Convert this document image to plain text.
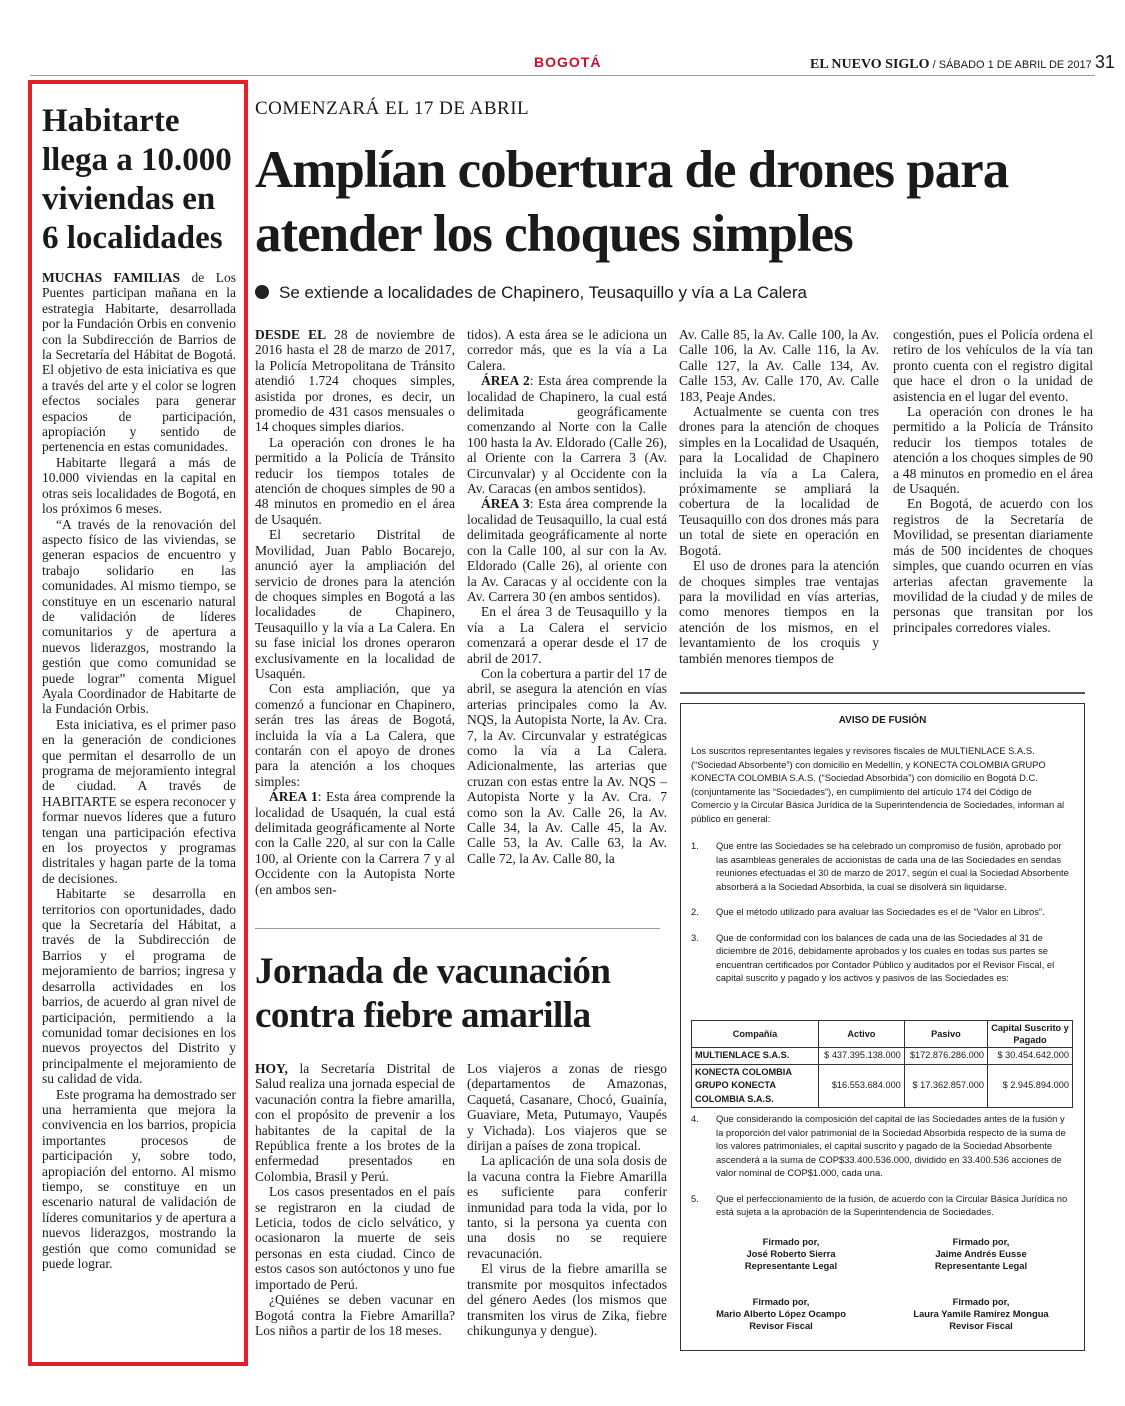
BOGOTÁ	EL NUEVO SIGLO / SÁBADO 1 DE ABRIL DE 2017 31
Habitarte llega a 10.000 viviendas en 6 localidades

MUCHAS FAMILIAS de Los Puentes participan mañana en la estrategia Habitarte, desarrollada por la Fundación Orbis en convenio con la Subdirección de Barrios de la Secretaría del Hábitat de Bogotá. El objetivo de esta iniciativa es que a través del arte y el color se logren efectos sociales para generar espacios de participación, apropiación y sentido de pertenencia en estas comunidades.

Habitarte llegará a más de 10.000 viviendas en la capital en otras seis localidades de Bogotá, en los próximos 6 meses.

“A través de la renovación del aspecto físico de las viviendas, se generan espacios de encuentro y trabajo solidario en las comunidades. Al mismo tiempo, se constituye en un escenario natural de validación de líderes comunitarios y de apertura a nuevos liderazgos, mostrando la gestión que como comunidad se puede lograr” comenta Miguel Ayala Coordinador de Habitarte de la Fundación Orbis.

Esta iniciativa, es el primer paso en la generación de condiciones que permitan el desarrollo de un programa de mejoramiento integral de ciudad. A través de HABITARTE se espera reconocer y formar nuevos líderes que a futuro tengan una participación efectiva en los proyectos y programas distritales y hagan parte de la toma de decisiones.

Habitarte se desarrolla en territorios con oportunidades, dado que la Secretaría del Hábitat, a través de la Subdirección de Barrios y el programa de mejoramiento de barrios; ingresa y desarrolla actividades en los barrios, de acuerdo al gran nivel de participación, permitiendo a la comunidad tomar decisiones en los nuevos proyectos del Distrito y principalmente el mejoramiento de su calidad de vida.

Este programa ha demostrado ser una herramienta que mejora la convivencia en los barrios, propicia importantes procesos de participación y, sobre todo, apropiación del entorno. Al mismo tiempo, se constituye en un escenario natural de validación de líderes comunitarios y de apertura a nuevos liderazgos, mostrando la gestión que como comunidad se puede lograr.

COMENZARÁ EL 17 DE ABRIL
Amplían cobertura de drones para atender los choques simples
Se extiende a localidades de Chapinero, Teusaquillo y vía a La Calera

DESDE EL 28 de noviembre de 2016 hasta el 28 de marzo de 2017, la Policía Metropolitana de Tránsito atendió 1.724 choques simples, asistida por drones, es decir, un promedio de 431 casos mensuales o 14 choques simples diarios.

La operación con drones le ha permitido a la Policía de Tránsito reducir los tiempos totales de atención de choques simples de 90 a 48 minutos en promedio en el área de Usaquén.

El secretario Distrital de Movilidad, Juan Pablo Bocarejo, anunció ayer la ampliación del servicio de drones para la atención de choques simples en Bogotá a las localidades de Chapinero, Teusaquillo y la vía a La Calera. En su fase inicial los drones operaron exclusivamente en la localidad de Usaquén.

Con esta ampliación, que ya comenzó a funcionar en Chapinero, serán tres las áreas de Bogotá, incluida la vía a La Calera, que contarán con el apoyo de drones para la atención a los choques simples:

ÁREA 1: Esta área comprende la localidad de Usaquén, la cual está delimitada geográficamente al Norte con la Calle 220, al sur con la Calle 100, al Oriente con la Carrera 7 y al Occidente con la Autopista Norte (en ambos sen-

tidos). A esta área se le adiciona un corredor más, que es la vía a La Calera.

ÁREA 2: Esta área comprende la localidad de Chapinero, la cual está delimitada geográficamente comenzando al Norte con la Calle 100 hasta la Av. Eldorado (Calle 26), al Oriente con la Carrera 3 (Av. Circunvalar) y al Occidente con la Av. Caracas (en ambos sentidos).

ÁREA 3: Esta área comprende la localidad de Teusaquillo, la cual está delimitada geográficamente al norte con la Calle 100, al sur con la Av. Eldorado (Calle 26), al oriente con la Av. Caracas y al occidente con la Av. Carrera 30 (en ambos sentidos).

En el área 3 de Teusaquillo y la vía a La Calera el servicio comenzará a operar desde el 17 de abril de 2017.

Con la cobertura a partir del 17 de abril, se asegura la atención en vías arterias principales como la Av. NQS, la Autopista Norte, la Av. Cra. 7, la Av. Circunvalar y estratégicas como la vía a La Calera. Adicionalmente, las arterias que cruzan con estas entre la Av. NQS – Autopista Norte y la Av. Cra. 7 como son la Av. Calle 26, la Av. Calle 34, la Av. Calle 45, la Av. Calle 53, la Av. Calle 63, la Av. Calle 72, la Av. Calle 80, la

Av. Calle 85, la Av. Calle 100, la Av. Calle 106, la Av. Calle 116, la Av. Calle 127, la Av. Calle 134, Av. Calle 153, Av. Calle 170, Av. Calle 183, Peaje Andes.

Actualmente se cuenta con tres drones para la atención de choques simples en la Localidad de Usaquén, para la Localidad de Chapinero incluida la vía a La Calera, próximamente se ampliará la cobertura de la localidad de Teusaquillo con dos drones más para un total de siete en operación en Bogotá.

El uso de drones para la atención de choques simples trae ventajas para la movilidad en vías arterias, como menores tiempos en la atención de los mismos, en el levantamiento de los croquis y también menores tiempos de

congestión, pues el Policía ordena el retiro de los vehículos de la vía tan pronto cuenta con el registro digital que hace el dron o la unidad de asistencia en el lugar del evento.

La operación con drones le ha permitido a la Policía de Tránsito reducir los tiempos totales de atención a los choques simples de 90 a 48 minutos en promedio en el área de Usaquén.

En Bogotá, de acuerdo con los registros de la Secretaría de Movilidad, se presentan diariamente más de 500 incidentes de choques simples, que cuando ocurren en vías arterias afectan gravemente la movilidad de la ciudad y de miles de personas que transitan por los principales corredores viales.

Jornada de vacunación contra fiebre amarilla

HOY, la Secretaría Distrital de Salud realiza una jornada especial de vacunación contra la fiebre amarilla, con el propósito de prevenir a los habitantes de la capital de la República frente a los brotes de la enfermedad presentados en Colombia, Brasil y Perú.

Los casos presentados en el país se registraron en la ciudad de Leticia, todos de ciclo selvático, y ocasionaron la muerte de seis personas en esta ciudad. Cinco de estos casos son autóctonos y uno fue importado de Perú.

¿Quiénes se deben vacunar en Bogotá contra la Fiebre Amarilla? Los niños a partir de los 18 meses.

Los viajeros a zonas de riesgo (departamentos de Amazonas, Caquetá, Casanare, Chocó, Guainía, Guaviare, Meta, Putumayo, Vaupés y Vichada). Los viajeros que se dirijan a países de zona tropical.

La aplicación de una sola dosis de la vacuna contra la Fiebre Amarilla es suficiente para conferir inmunidad para toda la vida, por lo tanto, si la persona ya cuenta con una dosis no se requiere revacunación.

El virus de la fiebre amarilla se transmite por mosquitos infectados del género Aedes (los mismos que transmiten los virus de Zika, fiebre chikungunya y dengue).

AVISO DE FUSIÓN

Los suscritos representantes legales y revisores fiscales de MULTIENLACE S.A.S. (“Sociedad Absorbente”) con domicilio en Medellín, y KONECTA COLOMBIA GRUPO KONECTA COLOMBIA S.A.S. (“Sociedad Absorbida”) con domicilio en Bogotá D.C. (conjuntamente las “Sociedades”), en cumplimiento del artículo 174 del Código de Comercio y la Circular Básica Jurídica de la Superintendencia de Sociedades, informan al público en general:

1.	Que entre las Sociedades se ha celebrado un compromiso de fusión, aprobado por las asambleas generales de accionistas de cada una de las Sociedades en sendas reuniones efectuadas el 30 de marzo de 2017, según el cual la Sociedad Absorbente absorberá a la Sociedad Absorbida, la cual se disolverá sin liquidarse.
2.	Que el método utilizado para avaluar las Sociedades es el de “Valor en Libros”.
3.	Que de conformidad con los balances de cada una de las Sociedades al 31 de diciembre de 2016, debidamente aprobados y los cuales en todas sus partes se encuentran certificados por Contador Público y auditados por el Revisor Fiscal, el capital suscrito y pagado y los activos y pasivos de las Sociedades es:
Compañía	Activo	Pasivo	Capital Suscrito y Pagado
MULTIENLACE S.A.S.	$ 437.395.138.000	$172.876.286.000	$ 30.454.642.000
KONECTA COLOMBIA GRUPO KONECTA COLOMBIA S.A.S.	$16.553.684.000	$ 17.362.857.000	$ 2.945.894.000
4.	Que considerando la composición del capital de las Sociedades antes de la fusión y la proporción del valor patrimonial de la Sociedad Absorbida respecto de la suma de los valores patrimoniales, el capital suscrito y pagado de la Sociedad Absorbente ascenderá a la suma de COP$33.400.536.000, dividido en 33.400.536 acciones de valor nominal de COP$1.000, cada una.
5.	Que el perfeccionamiento de la fusión, de acuerdo con la Circular Básica Jurídica no está sujeta a la aprobación de la Superintendencia de Sociedades.
Firmado por,
José Roberto Sierra
Representante Legal
Firmado por,
Jaime Andrés Eusse
Representante Legal
Firmado por,
Mario Alberto López Ocampo
Revisor Fiscal
Firmado por,
Laura Yamile Ramírez Mongua
Revisor Fiscal
